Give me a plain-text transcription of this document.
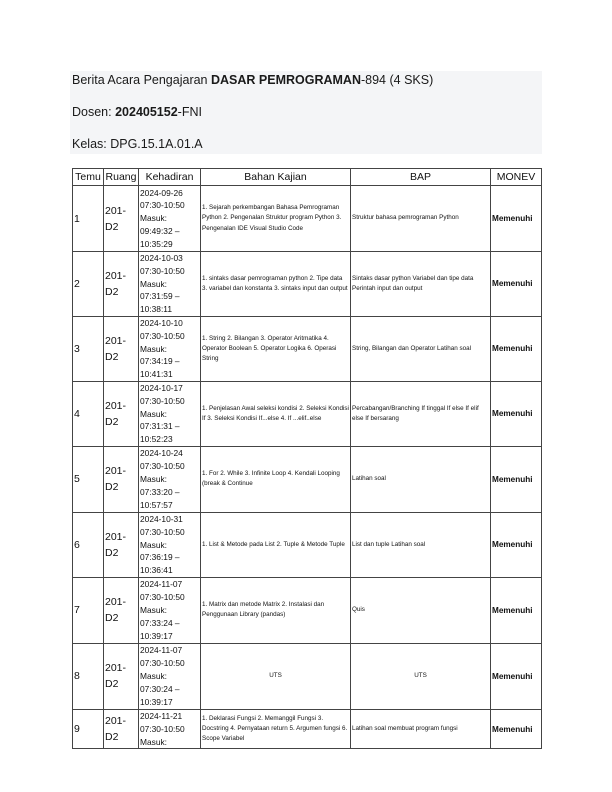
Berita Acara Pengajaran DASAR PEMROGRAMAN-894 (4 SKS)
Dosen: 202405152-FNI
Kelas: DPG.15.1A.01.A
Temu	Ruang	Kehadiran	Bahan Kajian	BAP	MONEV
1	201-D2	2024-09-26 07:30-10:50 Masuk: 09:49:32 – 10:35:29	1. Sejarah perkembangan Bahasa Pemrograman Python 2. Pengenalan Struktur program Python 3. Pengenalan IDE Visual Studio Code	Struktur bahasa pemrograman Python	Memenuhi
2	201-D2	2024-10-03 07:30-10:50 Masuk: 07:31:59 –10:38:11	1. sintaks dasar pemrograman python 2. Tipe data 3. variabel dan konstanta 3. sintaks input dan output	Sintaks dasar python Variabel dan tipe data Perintah input dan output	Memenuhi
3	201-D2	2024-10-10 07:30-10:50 Masuk: 07:34:19 –10:41:31	1. String 2. Bilangan 3. Operator Aritmatika 4. Operator Boolean 5. Operator Logika 6. Operasi String	String, Bilangan dan Operator Latihan soal	Memenuhi
4	201-D2	2024-10-17 07:30-10:50 Masuk: 07:31:31 –10:52:23	1. Penjelasan Awal seleksi kondisi 2. Seleksi Kondisi If 3. Seleksi Kondisi If...else 4. If ...elif..else	Percabangan/Branching If tinggal If else If elif else If bersarang	Memenuhi
5	201-D2	2024-10-24 07:30-10:50 Masuk: 07:33:20 – 10:57:57	1. For 2. While 3. Infinite Loop 4. Kendali Looping (break & Continue	Latihan soal	Memenuhi
6	201-D2	2024-10-31 07:30-10:50 Masuk: 07:36:19 –10:36:41	1. List & Metode pada List 2. Tuple & Metode Tuple	List dan tuple Latihan soal	Memenuhi
7	201-D2	2024-11-07 07:30-10:50 Masuk: 07:33:24 – 10:39:17	1. Matrix dan metode Matrix 2. Instalasi dan Penggunaan Library (pandas)	Quis	Memenuhi
8	201-D2	2024-11-07 07:30-10:50 Masuk: 07:30:24 – 10:39:17	UTS	UTS	Memenuhi
9	201-D2	2024-11-21 07:30-10:50 Masuk:	1. Deklarasi Fungsi 2. Memanggil Fungsi 3. Docstring 4. Pernyataan return 5. Argumen fungsi 6. Scope Variabel	Latihan soal membuat program fungsi	Memenuhi
